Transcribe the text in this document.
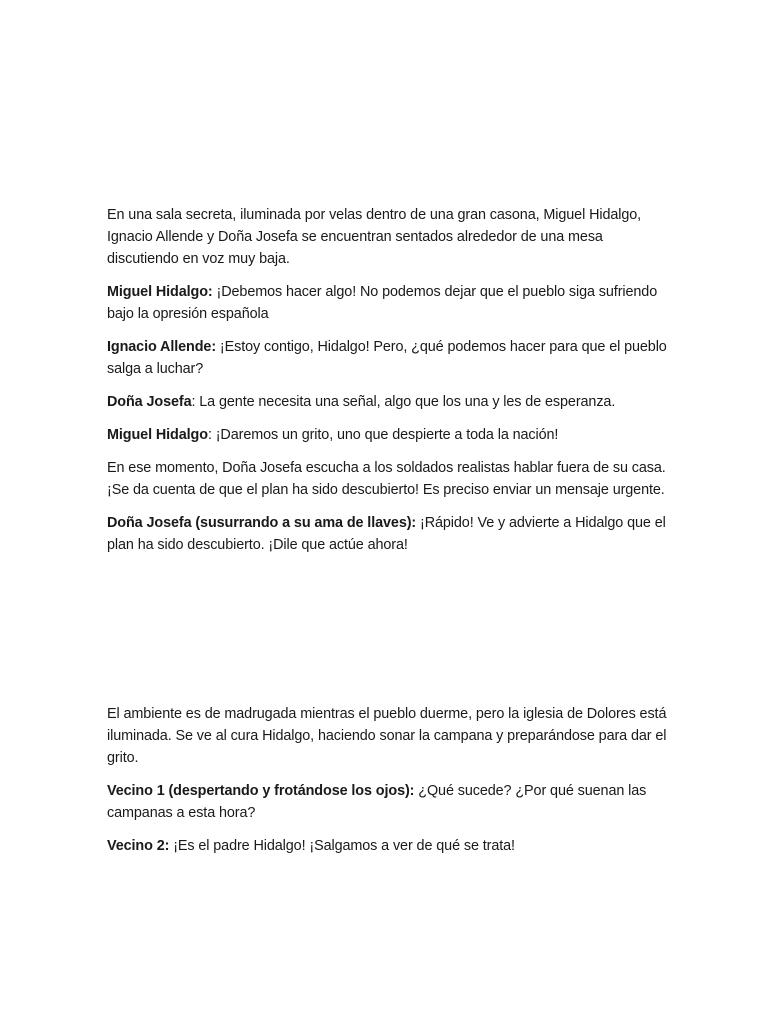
En una sala secreta, iluminada por velas dentro de una gran casona, Miguel Hidalgo, Ignacio Allende y Doña Josefa se encuentran sentados alrededor de una mesa discutiendo en voz muy baja.

Miguel Hidalgo: ¡Debemos hacer algo! No podemos dejar que el pueblo siga sufriendo bajo la opresión española

Ignacio Allende: ¡Estoy contigo, Hidalgo! Pero, ¿qué podemos hacer para que el pueblo salga a luchar?

Doña Josefa: La gente necesita una señal, algo que los una y les de esperanza.

Miguel Hidalgo: ¡Daremos un grito, uno que despierte a toda la nación!

En ese momento, Doña Josefa escucha a los soldados realistas hablar fuera de su casa. ¡Se da cuenta de que el plan ha sido descubierto! Es preciso enviar un mensaje urgente.

Doña Josefa (susurrando a su ama de llaves): ¡Rápido! Ve y advierte a Hidalgo que el plan ha sido descubierto. ¡Dile que actúe ahora!

El ambiente es de madrugada mientras el pueblo duerme, pero la iglesia de Dolores está iluminada. Se ve al cura Hidalgo, haciendo sonar la campana y preparándose para dar el grito.

Vecino 1 (despertando y frotándose los ojos): ¿Qué sucede? ¿Por qué suenan las campanas a esta hora?

Vecino 2: ¡Es el padre Hidalgo! ¡Salgamos a ver de qué se trata!
